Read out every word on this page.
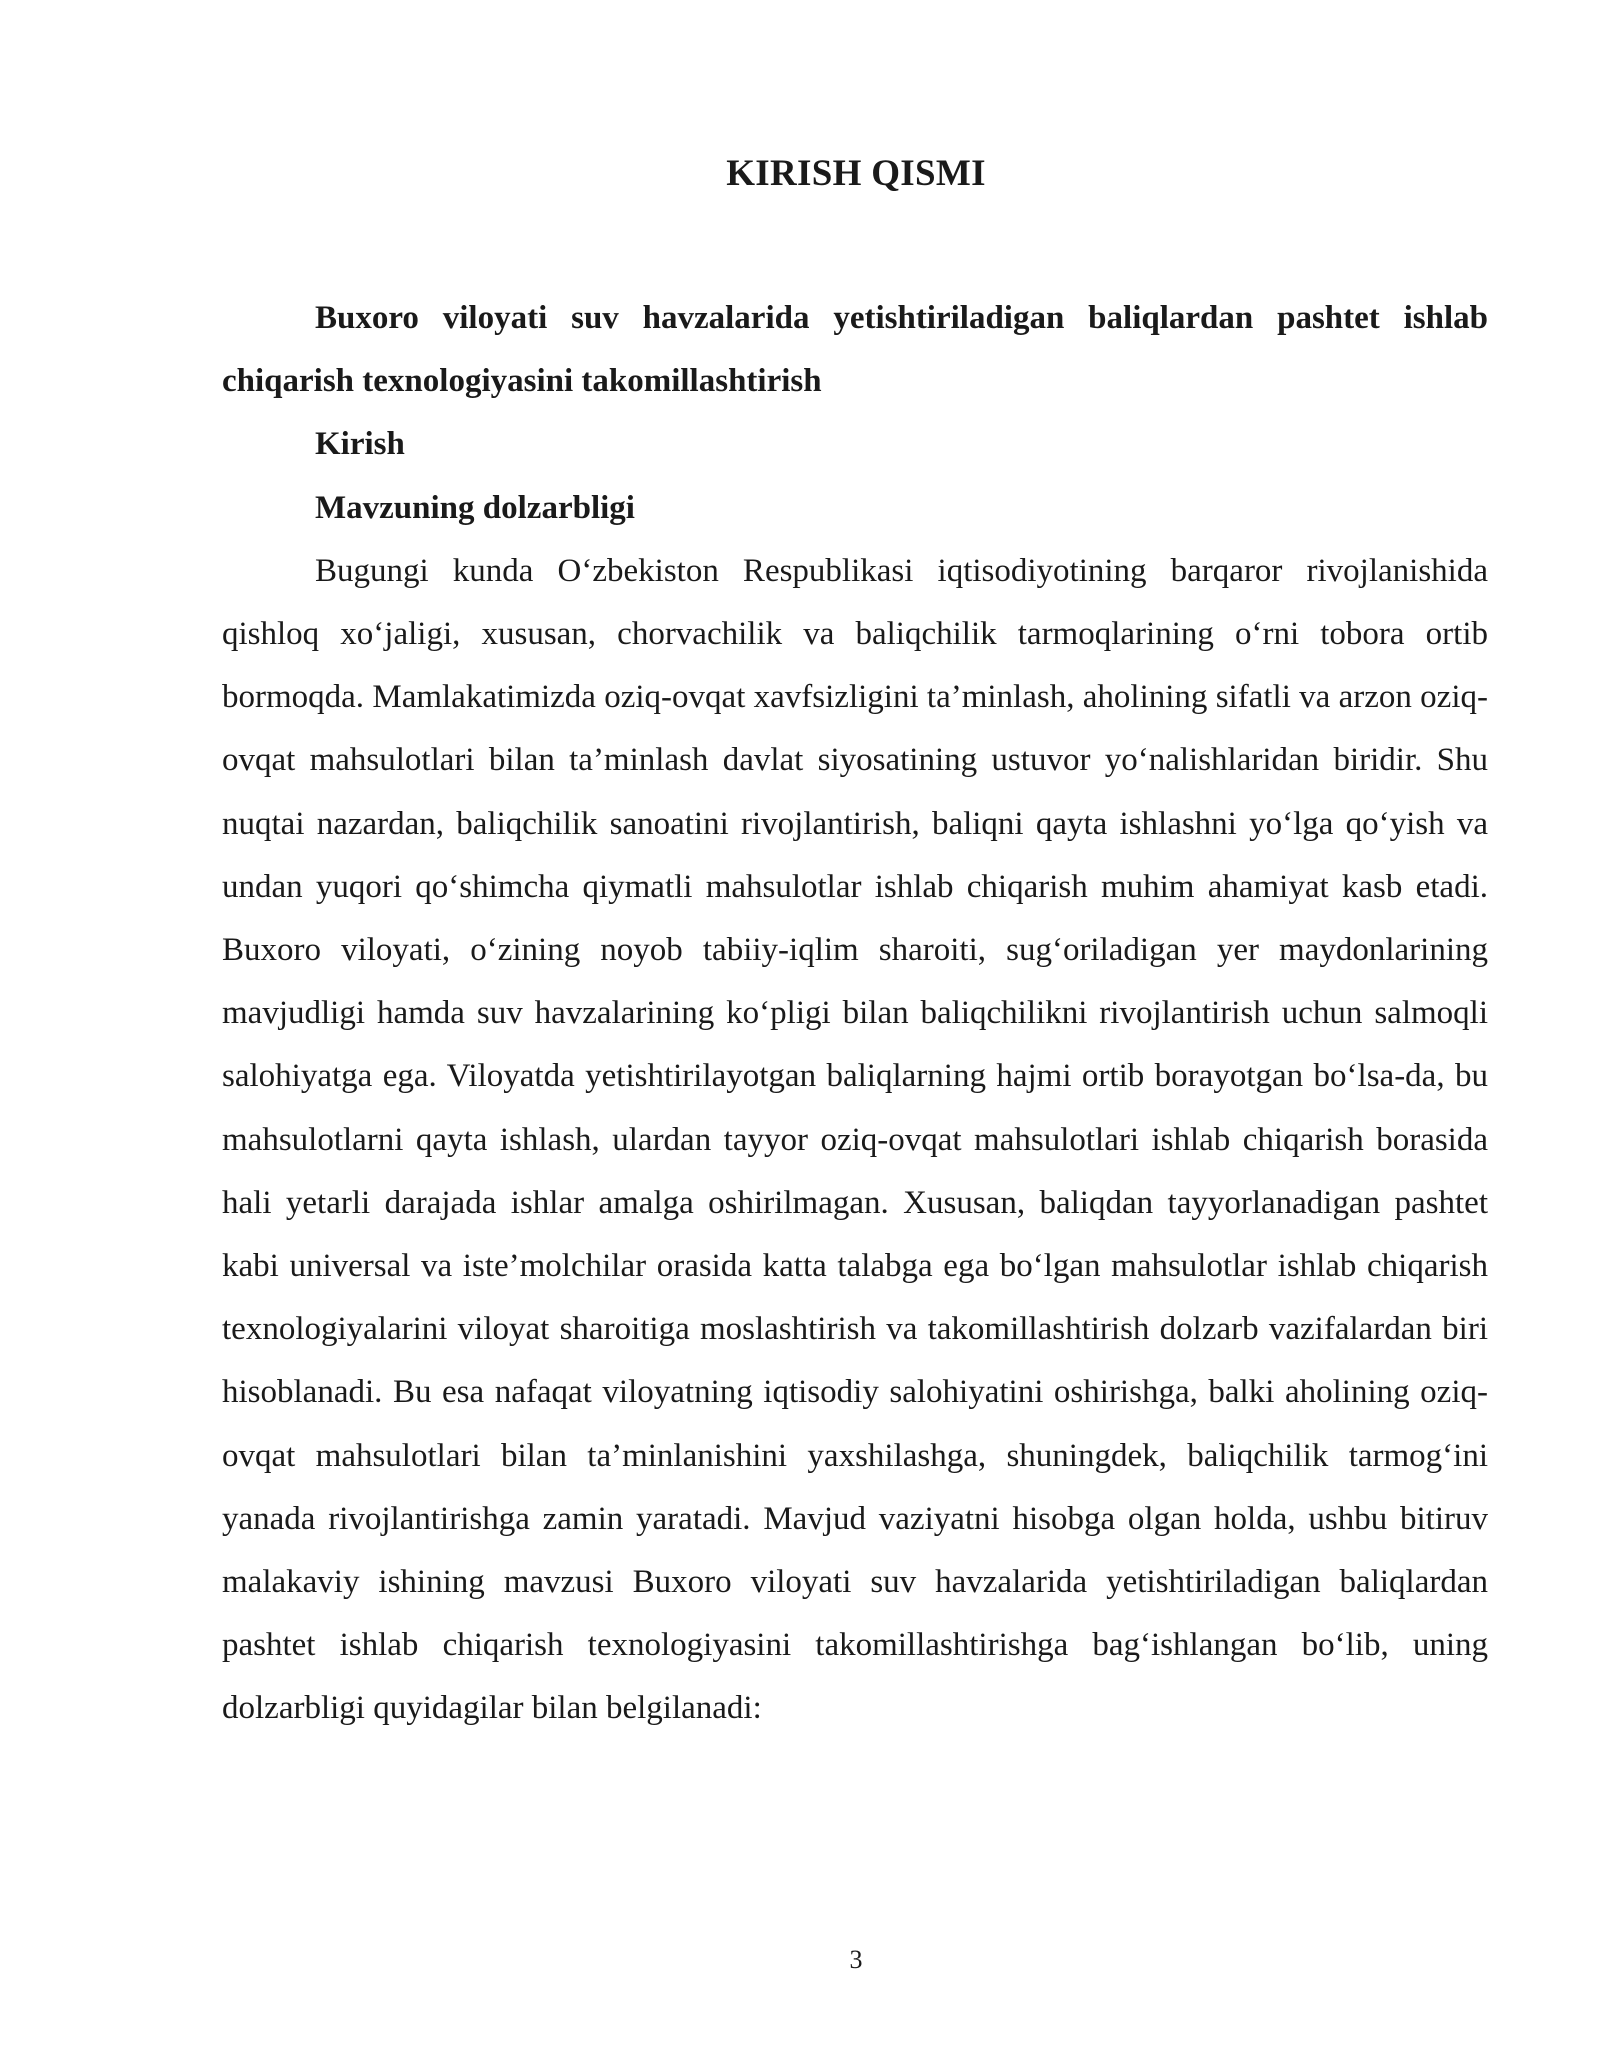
KIRISH QISMI

Buxoro viloyati suv havzalarida yetishtiriladigan baliqlardan pashtet ishlab chiqarish texnologiyasini takomillashtirish

Kirish

Mavzuning dolzarbligi

Bugungi kunda O‘zbekiston Respublikasi iqtisodiyotining barqaror rivojlanishida qishloq xo‘jaligi, xususan, chorvachilik va baliqchilik tarmoqlarining o‘rni tobora ortib bormoqda. Mamlakatimizda oziq-ovqat xavfsizligini ta’minlash, aholining sifatli va arzon oziq-ovqat mahsulotlari bilan ta’minlash davlat siyosatining ustuvor yo‘nalishlaridan biridir. Shu nuqtai nazardan, baliqchilik sanoatini rivojlantirish, baliqni qayta ishlashni yo‘lga qo‘yish va undan yuqori qo‘shimcha qiymatli mahsulotlar ishlab chiqarish muhim ahamiyat kasb etadi. Buxoro viloyati, o‘zining noyob tabiiy-iqlim sharoiti, sug‘oriladigan yer maydonlarining mavjudligi hamda suv havzalarining ko‘pligi bilan baliqchilikni rivojlantirish uchun salmoqli salohiyatga ega. Viloyatda yetishtirilayotgan baliqlarning hajmi ortib borayotgan bo‘lsa-da, bu mahsulotlarni qayta ishlash, ulardan tayyor oziq-ovqat mahsulotlari ishlab chiqarish borasida hali yetarli darajada ishlar amalga oshirilmagan. Xususan, baliqdan tayyorlanadigan pashtet kabi universal va iste’molchilar orasida katta talabga ega bo‘lgan mahsulotlar ishlab chiqarish texnologiyalarini viloyat sharoitiga moslashtirish va takomillashtirish dolzarb vazifalardan biri hisoblanadi. Bu esa nafaqat viloyatning iqtisodiy salohiyatini oshirishga, balki aholining oziq-ovqat mahsulotlari bilan ta’minlanishini yaxshilashga, shuningdek, baliqchilik tarmog‘ini yanada rivojlantirishga zamin yaratadi. Mavjud vaziyatni hisobga olgan holda, ushbu bitiruv malakaviy ishining mavzusi Buxoro viloyati suv havzalarida yetishtiriladigan baliqlardan pashtet ishlab chiqarish texnologiyasini takomillashtirishga bag‘ishlangan bo‘lib, uning dolzarbligi quyidagilar bilan belgilanadi:

3
